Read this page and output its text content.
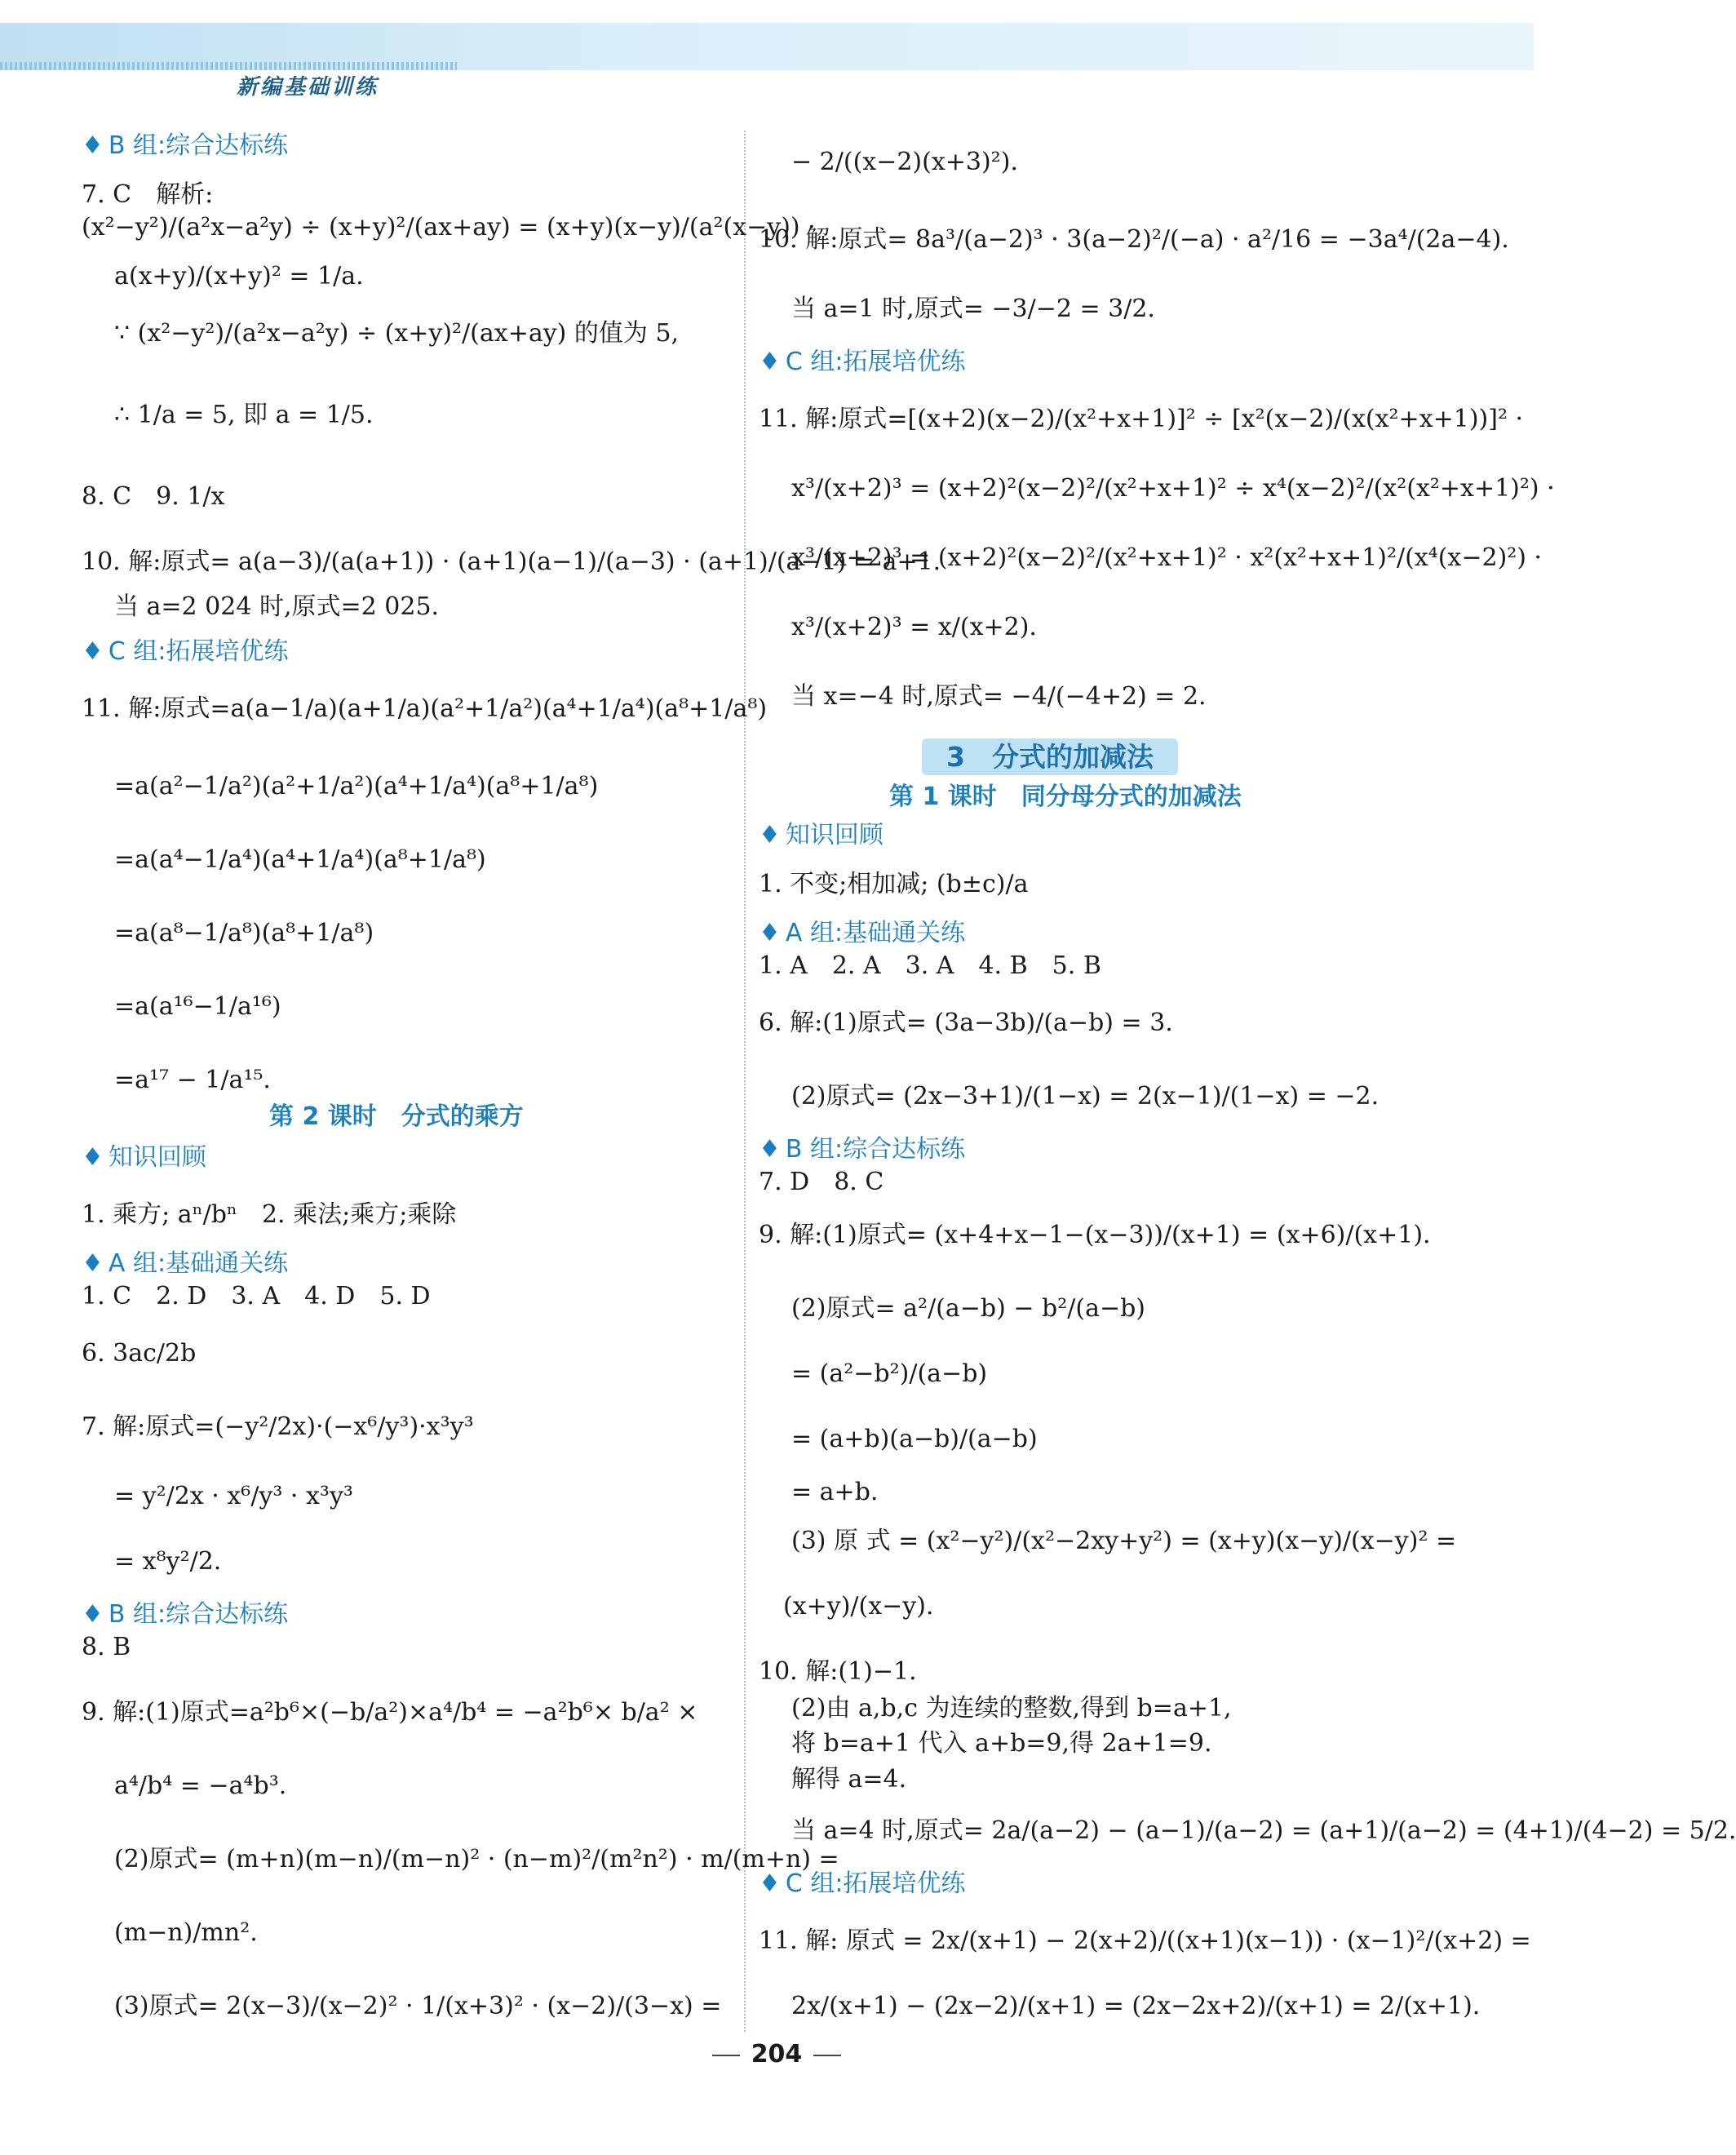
新编基础训练
♦ B 组:综合达标练
7. C　解析:
(x²−y²)/(a²x−a²y) ÷ (x+y)²/(ax+ay) = (x+y)(x−y)/(a²(x−y)) ·
a(x+y)/(x+y)² = 1/a.
∵ (x²−y²)/(a²x−a²y) ÷ (x+y)²/(ax+ay) 的值为 5,
∴ 1/a = 5, 即 a = 1/5.
8. C　9. 1/x
10. 解:原式= a(a−3)/(a(a+1)) · (a+1)(a−1)/(a−3) · (a+1)/(a−1) = a+1.
当 a=2 024 时,原式=2 025.
♦ C 组:拓展培优练
11. 解:原式=a(a−1/a)(a+1/a)(a²+1/a²)(a⁴+1/a⁴)(a⁸+1/a⁸)
=a(a²−1/a²)(a²+1/a²)(a⁴+1/a⁴)(a⁸+1/a⁸)
=a(a⁴−1/a⁴)(a⁴+1/a⁴)(a⁸+1/a⁸)
=a(a⁸−1/a⁸)(a⁸+1/a⁸)
=a(a¹⁶−1/a¹⁶)
=a¹⁷ − 1/a¹⁵.
第 2 课时　分式的乘方
♦ 知识回顾
1. 乘方; aⁿ/bⁿ　2. 乘法;乘方;乘除
♦ A 组:基础通关练
1. C　2. D　3. A　4. D　5. D
6. 3ac/2b
7. 解:原式=(−y²/2x)·(−x⁶/y³)·x³y³
= y²/2x · x⁶/y³ · x³y³
= x⁸y²/2.
♦ B 组:综合达标练
8. B
9. 解:(1)原式=a²b⁶×(−b/a²)×a⁴/b⁴ = −a²b⁶× b/a² ×
a⁴/b⁴ = −a⁴b³.
(2)原式= (m+n)(m−n)/(m−n)² · (n−m)²/(m²n²) · m/(m+n) =
(m−n)/mn².
(3)原式= 2(x−3)/(x−2)² · 1/(x+3)² · (x−2)/(3−x) =
− 2/((x−2)(x+3)²).
10. 解:原式= 8a³/(a−2)³ · 3(a−2)²/(−a) · a²/16 = −3a⁴/(2a−4).
当 a=1 时,原式= −3/−2 = 3/2.
♦ C 组:拓展培优练
11. 解:原式=[(x+2)(x−2)/(x²+x+1)]² ÷ [x²(x−2)/(x(x²+x+1))]² ·
x³/(x+2)³ = (x+2)²(x−2)²/(x²+x+1)² ÷ x⁴(x−2)²/(x²(x²+x+1)²) ·
x³/(x+2)³ = (x+2)²(x−2)²/(x²+x+1)² · x²(x²+x+1)²/(x⁴(x−2)²) ·
x³/(x+2)³ = x/(x+2).
当 x=−4 时,原式= −4/(−4+2) = 2.
3　分式的加减法
第 1 课时　同分母分式的加减法
♦ 知识回顾
1. 不变;相加减; (b±c)/a
♦ A 组:基础通关练
1. A　2. A　3. A　4. B　5. B
6. 解:(1)原式= (3a−3b)/(a−b) = 3.
(2)原式= (2x−3+1)/(1−x) = 2(x−1)/(1−x) = −2.
♦ B 组:综合达标练
7. D　8. C
9. 解:(1)原式= (x+4+x−1−(x−3))/(x+1) = (x+6)/(x+1).
(2)原式= a²/(a−b) − b²/(a−b)
= (a²−b²)/(a−b)
= (a+b)(a−b)/(a−b)
= a+b.
(3) 原 式 = (x²−y²)/(x²−2xy+y²) = (x+y)(x−y)/(x−y)² =
(x+y)/(x−y).
10. 解:(1)−1.
(2)由 a,b,c 为连续的整数,得到 b=a+1,
将 b=a+1 代入 a+b=9,得 2a+1=9.
解得 a=4.
当 a=4 时,原式= 2a/(a−2) − (a−1)/(a−2) = (a+1)/(a−2) = (4+1)/(4−2) = 5/2.
♦ C 组:拓展培优练
11. 解: 原式 = 2x/(x+1) − 2(x+2)/((x+1)(x−1)) · (x−1)²/(x+2) =
2x/(x+1) − (2x−2)/(x+1) = (2x−2x+2)/(x+1) = 2/(x+1).
204
